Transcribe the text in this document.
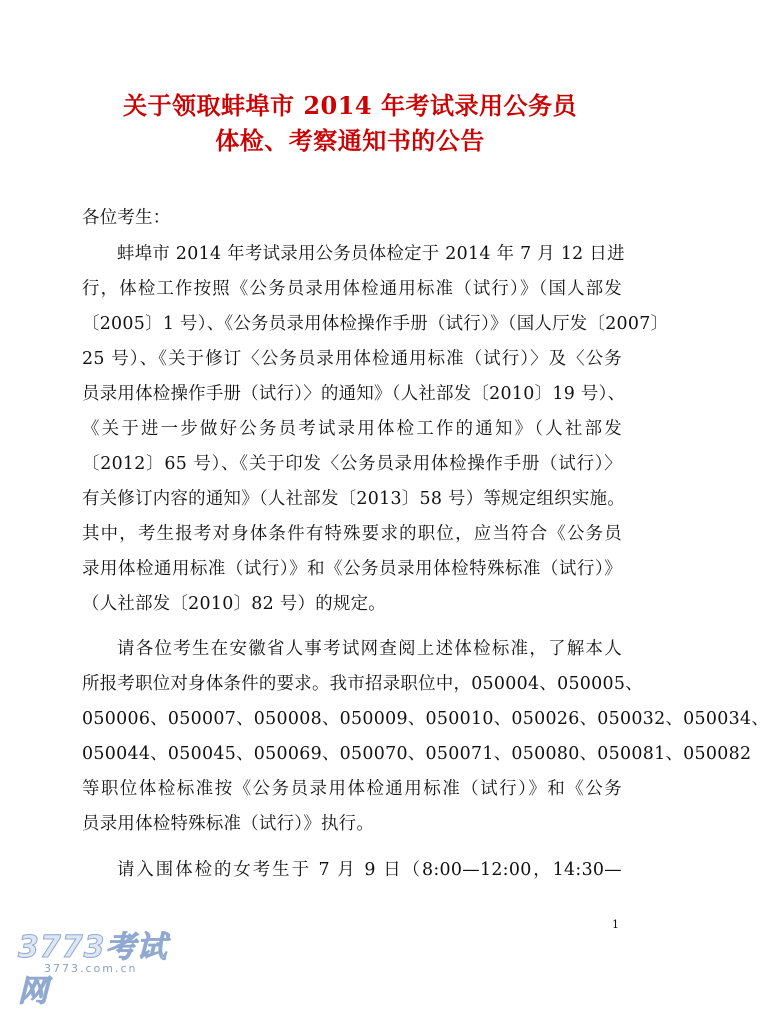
关于领取蚌埠市 2014 年考试录用公务员
体检、考察通知书的公告
各位考生：
蚌埠市 2014 年考试录用公务员体检定于 2014 年 7 月 12 日进
行，体检工作按照《公务员录用体检通用标准（试行）》（国人部发
〔2005〕1 号）、《公务员录用体检操作手册（试行）》（国人厅发〔2007〕
25 号）、《关于修订〈公务员录用体检通用标准（试行）〉及〈公务
员录用体检操作手册（试行）〉的通知》（人社部发〔2010〕19 号）、
《关于进一步做好公务员考试录用体检工作的通知》（人社部发
〔2012〕65 号）、《关于印发〈公务员录用体检操作手册（试行）〉
有关修订内容的通知》（人社部发〔2013〕58 号）等规定组织实施。
其中，考生报考对身体条件有特殊要求的职位，应当符合《公务员
录用体检通用标准（试行）》和《公务员录用体检特殊标准（试行）》
（人社部发〔2010〕82 号）的规定。
请各位考生在安徽省人事考试网查阅上述体检标准，了解本人
所报考职位对身体条件的要求。我市招录职位中，050004、050005、
050006、050007、050008、050009、050010、050026、050032、050034、
050044、050045、050069、050070、050071、050080、050081、050082
等职位体检标准按《公务员录用体检通用标准（试行）》和《公务
员录用体检特殊标准（试行）》执行。
请入围体检的女考生于 7 月 9 日（8:00—12:00，14:30—
1
3773考试网
3773.com.cn
